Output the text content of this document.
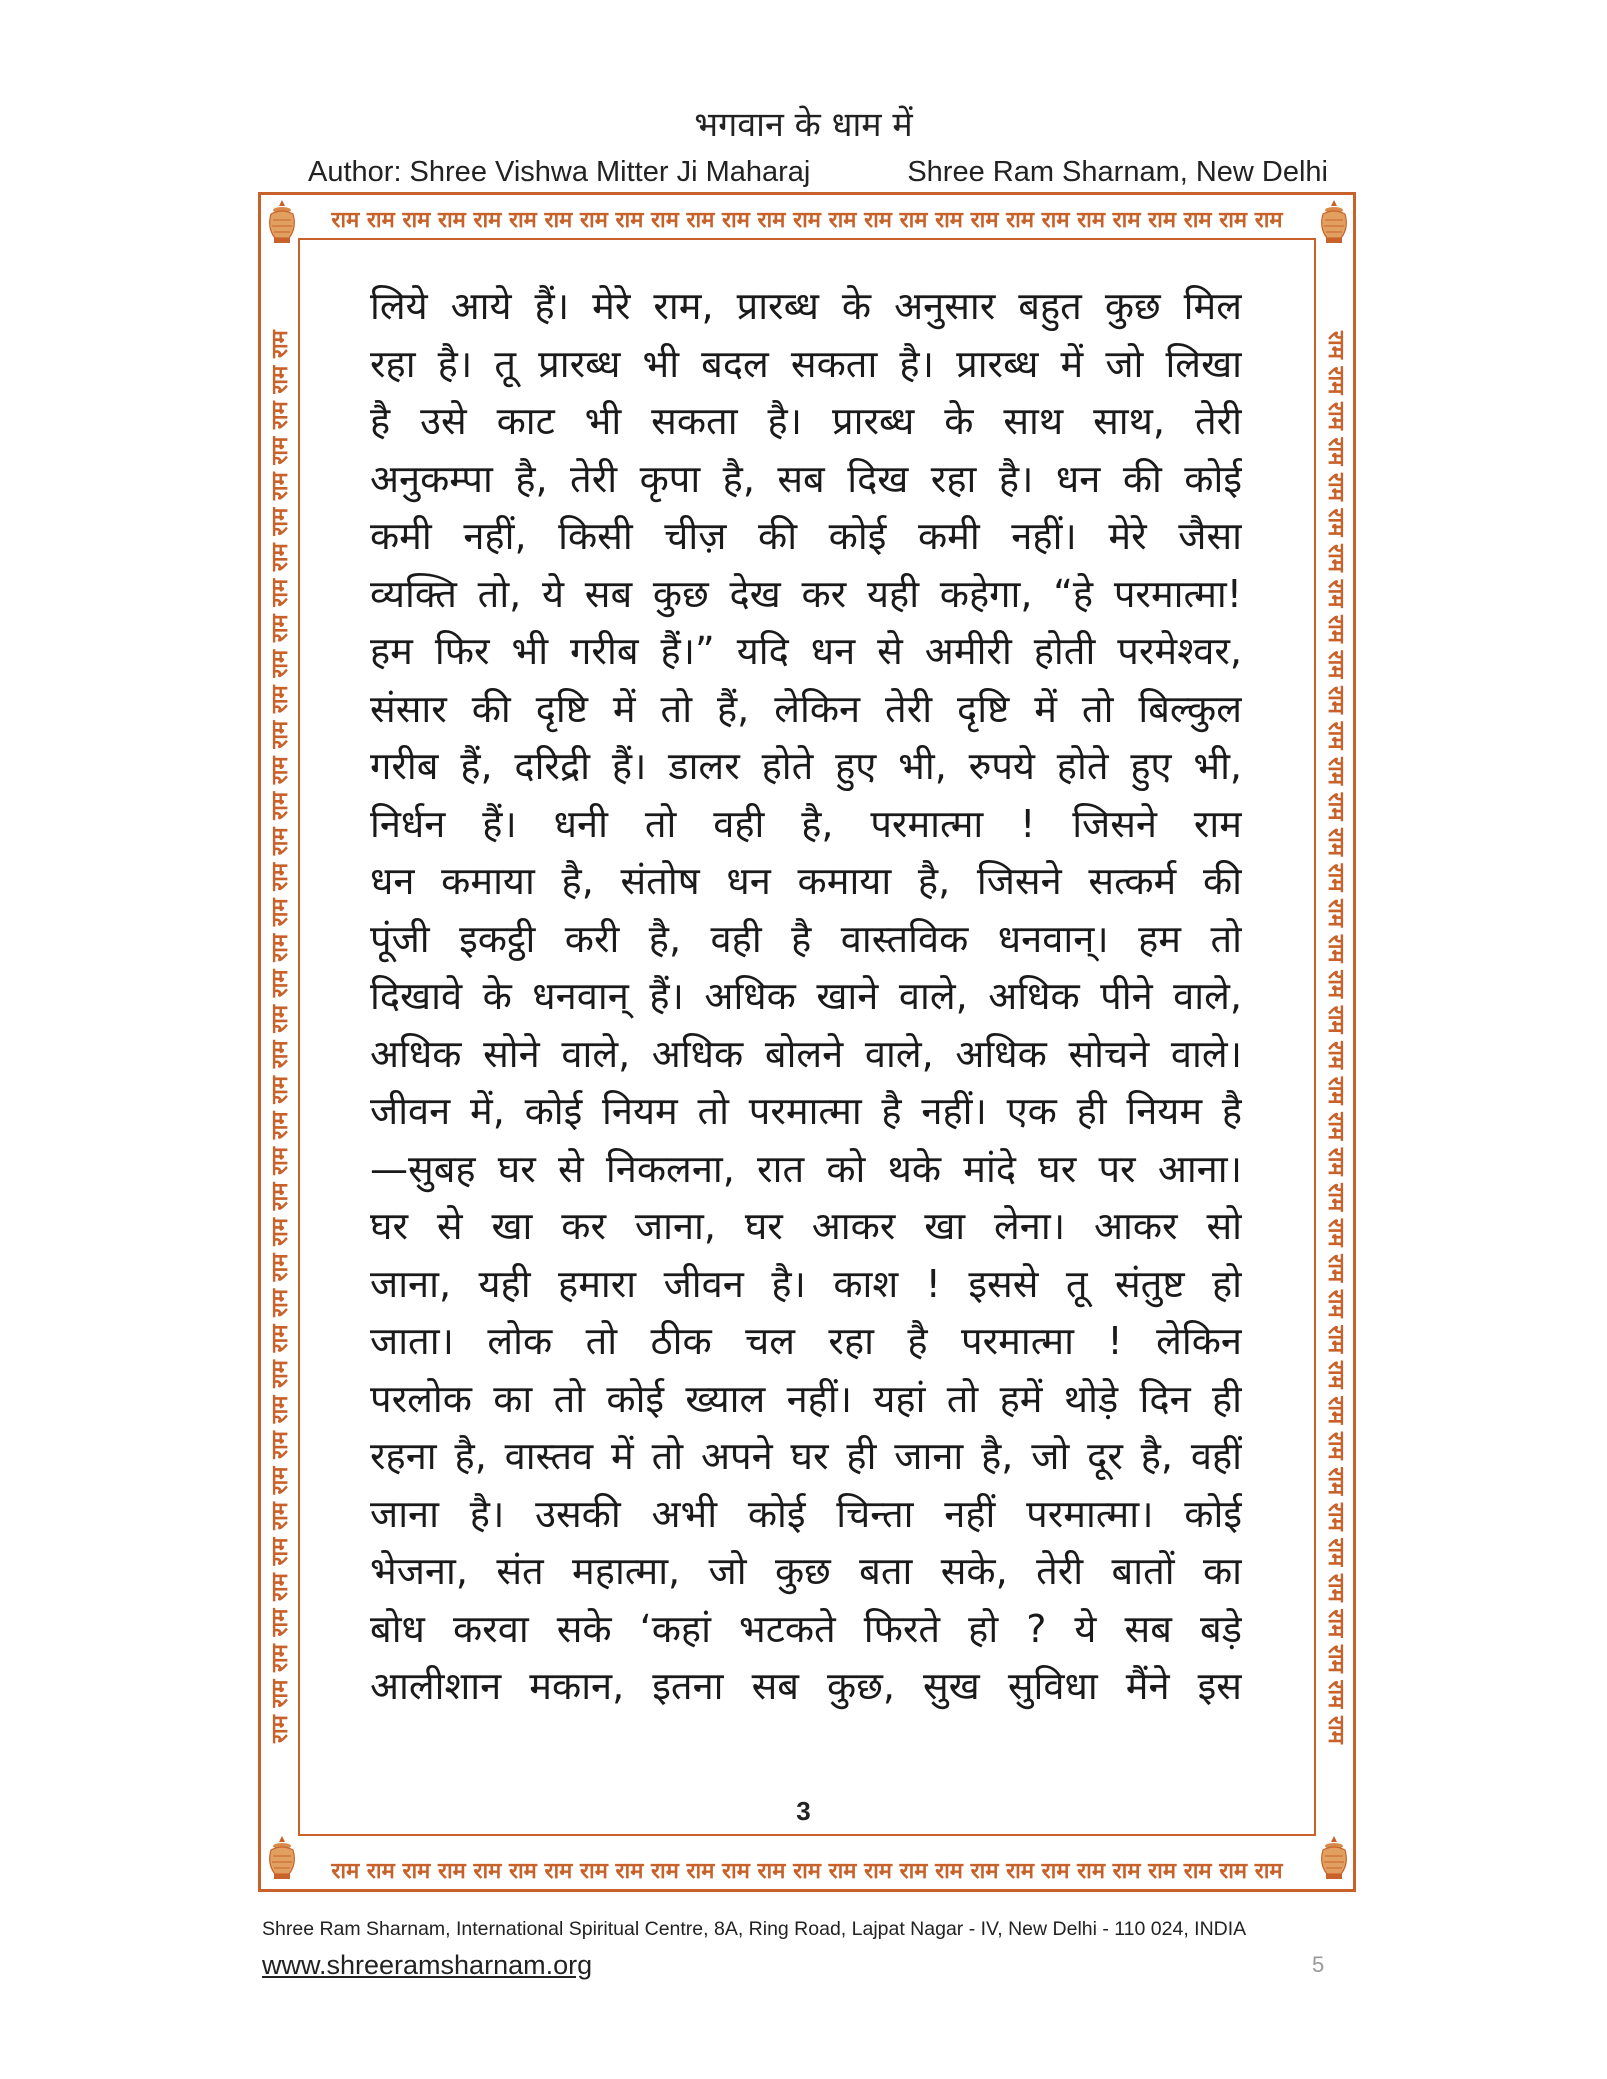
भगवान के धाम में
Author: Shree Vishwa Mitter Ji Maharaj	Shree Ram Sharnam, New Delhi
राम राम राम राम राम राम राम राम राम राम राम राम राम राम राम राम राम राम राम राम राम राम राम राम राम राम राम
राम राम राम राम राम राम राम राम राम राम राम राम राम राम राम राम राम राम राम राम राम राम राम राम राम राम राम
राम राम राम राम राम राम राम राम राम राम राम राम राम राम राम राम राम राम राम राम राम राम राम राम राम राम राम राम राम राम राम राम राम राम राम राम राम राम राम राम	राम राम राम राम राम राम राम राम राम राम राम राम राम राम राम राम राम राम राम राम राम राम राम राम राम राम राम राम राम राम राम राम राम राम राम राम राम राम राम राम
लिये आये हैं। मेरे राम, प्रारब्ध के अनुसार बहुत कुछ मिल
रहा है। तू प्रारब्ध भी बदल सकता है। प्रारब्ध में जो लिखा
है उसे काट भी सकता है। प्रारब्ध के साथ साथ, तेरी
अनुकम्पा है, तेरी कृपा है, सब दिख रहा है। धन की कोई
कमी नहीं, किसी चीज़ की कोई कमी नहीं। मेरे जैसा
व्यक्ति तो, ये सब कुछ देख कर यही कहेगा, “हे परमात्मा!
हम फिर भी गरीब हैं।” यदि धन से अमीरी होती परमेश्वर,
संसार की दृष्टि में तो हैं, लेकिन तेरी दृष्टि में तो बिल्कुल
गरीब हैं, दरिद्री हैं। डालर होते हुए भी, रुपये होते हुए भी,
निर्धन हैं। धनी तो वही है, परमात्मा ! जिसने राम
धन कमाया है, संतोष धन कमाया है, जिसने सत्कर्म की
पूंजी इकट्ठी करी है, वही है वास्तविक धनवान्। हम तो
दिखावे के धनवान् हैं। अधिक खाने वाले, अधिक पीने वाले,
अधिक सोने वाले, अधिक बोलने वाले, अधिक सोचने वाले।
जीवन में, कोई नियम तो परमात्मा है नहीं। एक ही नियम है
—सुबह घर से निकलना, रात को थके मांदे घर पर आना।
घर से खा कर जाना, घर आकर खा लेना। आकर सो
जाना, यही हमारा जीवन है। काश ! इससे तू संतुष्ट हो
जाता। लोक तो ठीक चल रहा है परमात्मा ! लेकिन
परलोक का तो कोई ख्याल नहीं। यहां तो हमें थोड़े दिन ही
रहना है, वास्तव में तो अपने घर ही जाना है, जो दूर है, वहीं
जाना है। उसकी अभी कोई चिन्ता नहीं परमात्मा। कोई
भेजना, संत महात्मा, जो कुछ बता सके, तेरी बातों का
बोध करवा सके ‘कहां भटकते फिरते हो ? ये सब बड़े
आलीशान मकान, इतना सब कुछ, सुख सुविधा मैंने इस
3
Shree Ram Sharnam, International Spiritual Centre, 8A, Ring Road, Lajpat Nagar - IV, New Delhi - 110 024, INDIA
www.shreeramsharnam.org	5
